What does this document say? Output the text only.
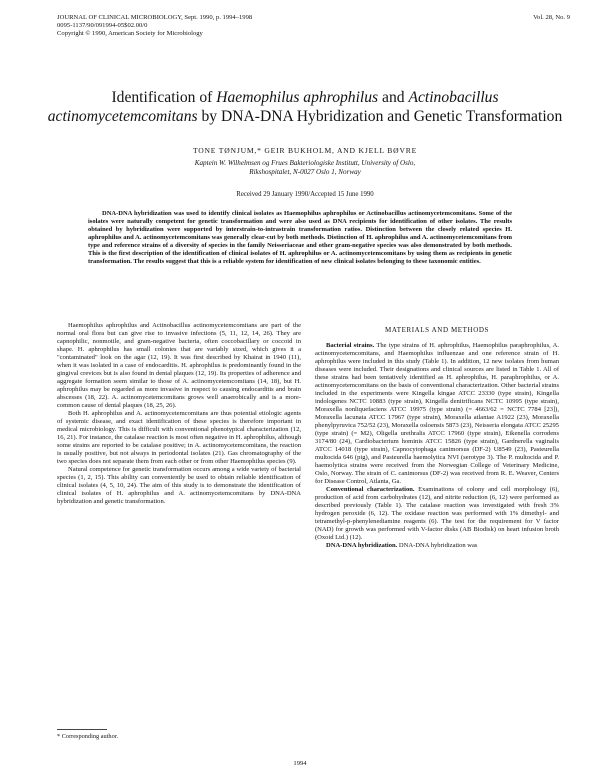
JOURNAL OF CLINICAL MICROBIOLOGY, Sept. 1990, p. 1994–1998
0095-1137/90/091994-05$02.00/0
Copyright © 1990, American Society for Microbiology
Vol. 28, No. 9
Identification of Haemophilus aphrophilus and Actinobacillus actinomycetemcomitans by DNA-DNA Hybridization and Genetic Transformation
TONE TØNJUM,* GEIR BUKHOLM, AND KJELL BØVRE
Kaptein W. Wilhelmsen og Frues Bakteriologiske Institutt, University of Oslo,
Rikshospitalet, N-0027 Oslo 1, Norway
Received 29 January 1990/Accepted 15 June 1990
DNA-DNA hybridization was used to identify clinical isolates as Haemophilus aphrophilus or Actinobacillus actinomycetemcomitans. Some of the isolates were naturally competent for genetic transformation and were also used as DNA recipients for identification of other isolates. The results obtained by hybridization were supported by interstrain-to-intrastrain transformation ratios. Distinction between the closely related species H. aphrophilus and A. actinomycetemcomitans was generally clear-cut by both methods. Distinction of H. aphrophilus and A. actinomycetemcomitans from type and reference strains of a diversity of species in the family Neisseriaceae and other gram-negative species was also demonstrated by both methods. This is the first description of the identification of clinical isolates of H. aphrophilus or A. actinomycetemcomitans by using them as recipients in genetic transformation. The results suggest that this is a reliable system for identification of new clinical isolates belonging to these taxonomic entities.

Haemophilus aphrophilus and Actinobacillus actinomycetemcomitans are part of the normal oral flora but can give rise to invasive infections (5, 11, 12, 14, 26). They are capnophilic, nonmotile, and gram-negative bacteria, often coccobacillary or coccoid in shape. H. aphrophilus has small colonies that are variably sized, which gives it a "contaminated" look on the agar (12, 19). It was first described by Khairat in 1940 (11), when it was isolated in a case of endocarditis. H. aphrophilus is predominantly found in the gingival crevices but is also found in dental plaques (12, 19). Its properties of adherence and aggregate formation seem similar to those of A. actinomycetemcomitans (14, 18), but H. aphrophilus may be regarded as more invasive in respect to causing endocarditis and brain abscesses (18, 22). A. actinomycetemcomitans grows well anaerobically and is a more-common cause of dental plaques (18, 25, 26).

Both H. aphrophilus and A. actinomycetemcomitans are thus potential etiologic agents of systemic disease, and exact identification of these species is therefore important in medical microbiology. This is difficult with conventional phenotypical characterization (12, 16, 21). For instance, the catalase reaction is most often negative in H. aphrophilus, although some strains are reported to be catalase positive; in A. actinomycetemcomitans, the reaction is usually positive, but not always in periodontal isolates (21). Gas chromatography of the two species does not separate them from each other or from other Haemophilus species (9).

Natural competence for genetic transformation occurs among a wide variety of bacterial species (1, 2, 15). This ability can conveniently be used to obtain reliable identification of clinical isolates (4, 5, 10, 24). The aim of this study is to demonstrate the identification of clinical isolates of H. aphrophilus and A. actinomycetemcomitans by DNA-DNA hybridization and genetic transformation.

MATERIALS AND METHODS

Bacterial strains. The type strains of H. aphrophilus, Haemophilus paraphrophilus, A. actinomycetemcomitans, and Haemophilus influenzae and one reference strain of H. aphrophilus were included in this study (Table 1). In addition, 12 new isolates from human diseases were included. Their designations and clinical sources are listed in Table 1. All of these strains had been tentatively identified as H. aphrophilus, H. paraphrophilus, or A. actinomycetemcomitans on the basis of conventional characterization. Other bacterial strains included in the experiments were Kingella kingae ATCC 23330 (type strain), Kingella indologenes NCTC 10883 (type strain), Kingella denitrificans NCTC 10995 (type strain), Moraxella nonliquefaciens ATCC 19975 (type strain) (= 4663/62 = NCTC 7784 [23]), Moraxella lacunata ATCC 17967 (type strain), Moraxella atlantae A1922 (23), Moraxella phenylpyruvica 752/52 (23), Moraxella osloensis 5873 (23), Neisseria elongata ATCC 25295 (type strain) (= M2), Oligella urethralis ATCC 17960 (type strain), Eikenella corrodens 3174/80 (24), Cardiobacterium hominis ATCC 15826 (type strain), Gardnerella vaginalis ATCC 14018 (type strain), Capnocytophaga canimorsus (DF-2) U8549 (23), Pasteurella multocida 646 (pig), and Pasteurella haemolytica NVI (serotype 3). The P. multocida and P. haemolytica strains were received from the Norwegian College of Veterinary Medicine, Oslo, Norway. The strain of C. canimorsus (DF-2) was received from R. E. Weaver, Centers for Disease Control, Atlanta, Ga.

Conventional characterization. Examinations of colony and cell morphology (6), production of acid from carbohydrates (12), and nitrite reduction (6, 12) were performed as described previously (Table 1). The catalase reaction was investigated with fresh 3% hydrogen peroxide (6, 12). The oxidase reaction was performed with 1% dimethyl- and tetramethyl-p-phenylenediamine reagents (6). The test for the requirement for V factor (NAD) for growth was performed with V-factor disks (AB Biodisk) on heart infusion broth (Oxoid Ltd.) (12).

DNA-DNA hybridization. DNA-DNA hybridization was

* Corresponding author.
1994
